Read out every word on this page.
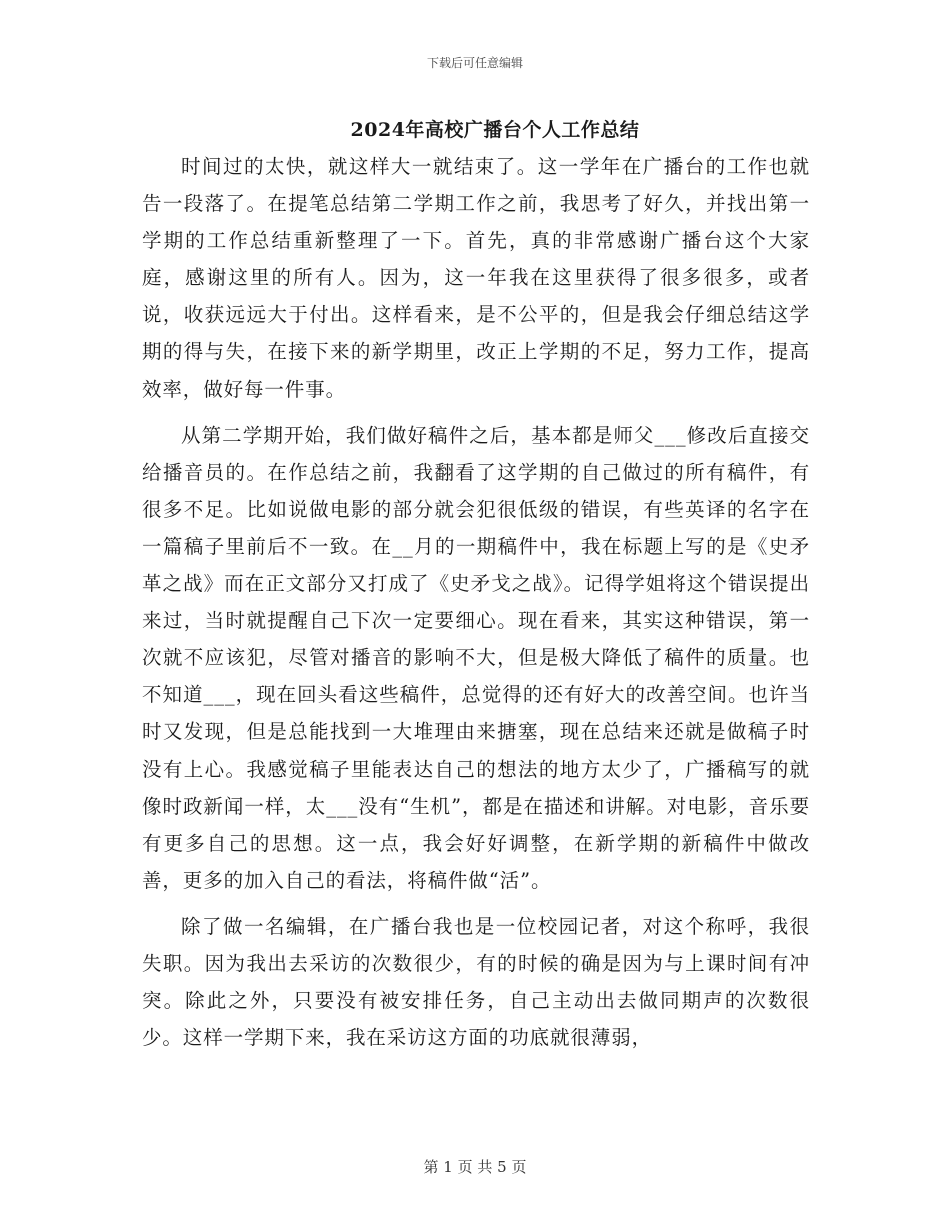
下载后可任意编辑
2024年高校广播台个人工作总结

时间过的太快，就这样大一就结束了。这一学年在广播台的工作也就告一段落了。在提笔总结第二学期工作之前，我思考了好久，并找出第一学期的工作总结重新整理了一下。首先，真的非常感谢广播台这个大家庭，感谢这里的所有人。因为，这一年我在这里获得了很多很多，或者说，收获远远大于付出。这样看来，是不公平的，但是我会仔细总结这学期的得与失，在接下来的新学期里，改正上学期的不足，努力工作，提高效率，做好每一件事。

从第二学期开始，我们做好稿件之后，基本都是师父___修改后直接交给播音员的。在作总结之前，我翻看了这学期的自己做过的所有稿件，有很多不足。比如说做电影的部分就会犯很低级的错误，有些英译的名字在一篇稿子里前后不一致。在__月的一期稿件中，我在标题上写的是《史矛革之战》而在正文部分又打成了《史矛戈之战》。记得学姐将这个错误提出来过，当时就提醒自己下次一定要细心。现在看来，其实这种错误，第一次就不应该犯，尽管对播音的影响不大，但是极大降低了稿件的质量。也不知道___，现在回头看这些稿件，总觉得的还有好大的改善空间。也许当时又发现，但是总能找到一大堆理由来搪塞，现在总结来还就是做稿子时没有上心。我感觉稿子里能表达自己的想法的地方太少了，广播稿写的就像时政新闻一样，太___没有“生机”，都是在描述和讲解。对电影，音乐要有更多自己的思想。这一点，我会好好调整，在新学期的新稿件中做改善，更多的加入自己的看法，将稿件做“活”。

除了做一名编辑，在广播台我也是一位校园记者，对这个称呼，我很失职。因为我出去采访的次数很少，有的时候的确是因为与上课时间有冲突。除此之外，只要没有被安排任务，自己主动出去做同期声的次数很少。这样一学期下来，我在采访这方面的功底就很薄弱，

第 1 页 共 5 页
